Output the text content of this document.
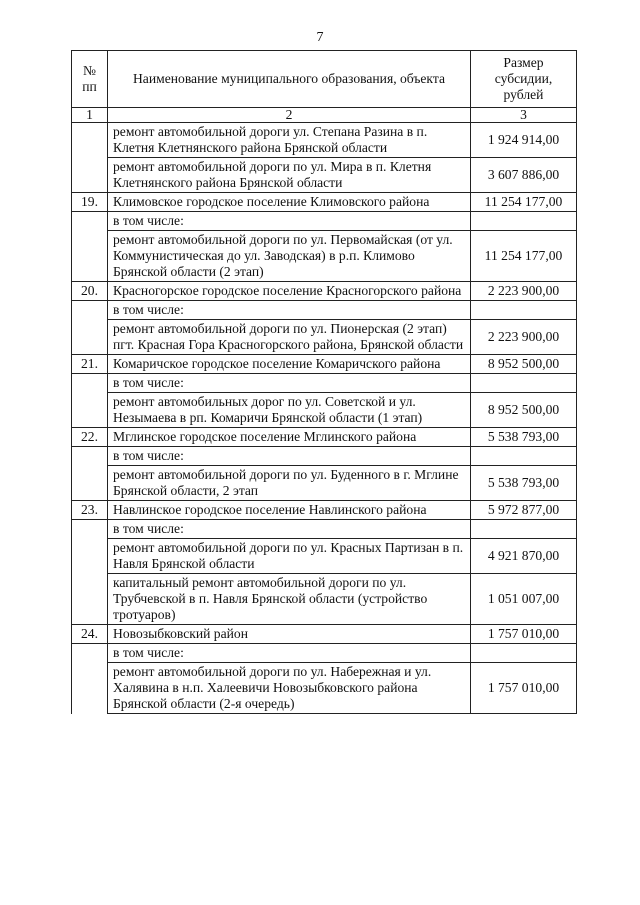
7
№ пп	Наименование муниципального образования, объекта	Размер субсидии, рублей
1	2	3
	ремонт автомобильной дороги ул. Степана Разина в п. Клетня Клетнянского района Брянской области	1 924 914,00
	ремонт автомобильной дороги по ул. Мира в п. Клетня Клетнянского района Брянской области	3 607 886,00
19.	Климовское городское поселение Климовского района	11 254 177,00
	в том числе:	
	ремонт автомобильной дороги по ул. Первомайская (от ул. Коммунистическая до ул. Заводская) в р.п. Климово Брянской области (2 этап)	11 254 177,00
20.	Красногорское городское поселение Красногорского района	2 223 900,00
	в том числе:	
	ремонт автомобильной дороги по ул. Пионерская (2 этап) пгт. Красная Гора Красногорского района, Брянской области	2 223 900,00
21.	Комаричское городское поселение Комаричского района	8 952 500,00
	в том числе:	
	ремонт автомобильных дорог по ул. Советской и ул. Незымаева в рп. Комаричи Брянской области (1 этап)	8 952 500,00
22.	Мглинское городское поселение Мглинского района	5 538 793,00
	в том числе:	
	ремонт автомобильной дороги по ул. Буденного в г. Мглине Брянской области, 2 этап	5 538 793,00
23.	Навлинское городское поселение Навлинского района	5 972 877,00
	в том числе:	
	ремонт автомобильной дороги по ул. Красных Партизан в п. Навля Брянской области	4 921 870,00
	капитальный ремонт автомобильной дороги по ул. Трубчевской в п. Навля Брянской области (устройство тротуаров)	1 051 007,00
24.	Новозыбковский район	1 757 010,00
	в том числе:	
	ремонт автомобильной дороги по ул. Набережная и ул. Халявина в н.п. Халеевичи Новозыбковского района Брянской области (2-я очередь)	1 757 010,00
